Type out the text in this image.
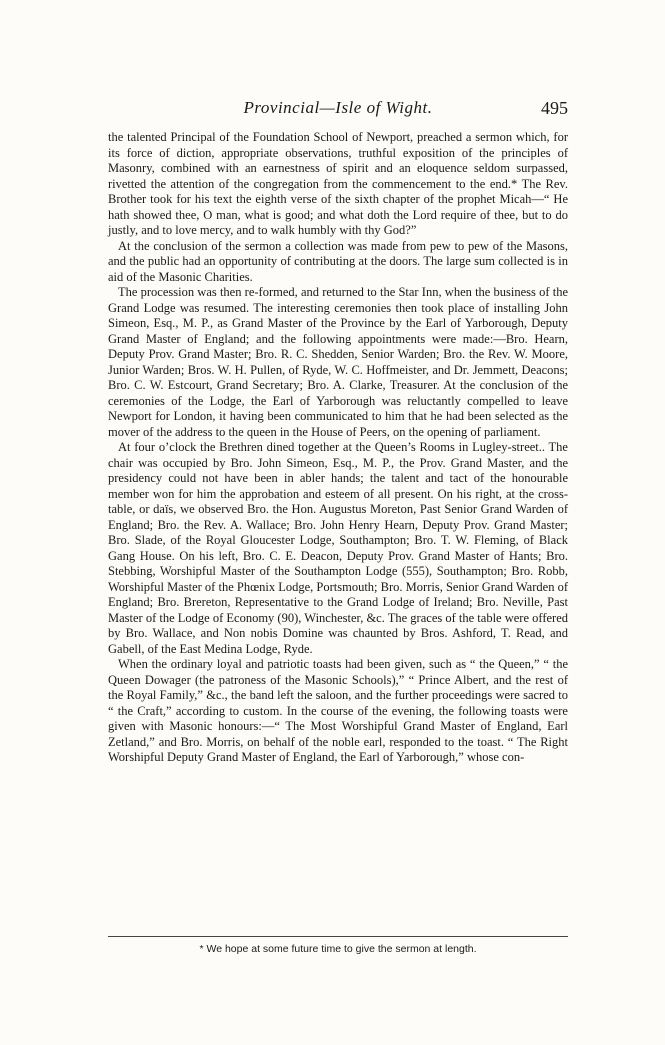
Provincial—Isle of Wight.	495

the talented Principal of the Foundation School of Newport, preached a sermon which, for its force of diction, appropriate observations, truthful exposition of the principles of Masonry, combined with an earnestness of spirit and an eloquence seldom surpassed, rivetted the attention of the congregation from the commencement to the end.* The Rev. Brother took for his text the eighth verse of the sixth chapter of the prophet Micah—“ He hath showed thee, O man, what is good; and what doth the Lord require of thee, but to do justly, and to love mercy, and to walk humbly with thy God?”

At the conclusion of the sermon a collection was made from pew to pew of the Masons, and the public had an opportunity of contributing at the doors. The large sum collected is in aid of the Masonic Charities.

The procession was then re-formed, and returned to the Star Inn, when the business of the Grand Lodge was resumed. The interesting ceremonies then took place of installing John Simeon, Esq., M. P., as Grand Master of the Province by the Earl of Yarborough, Deputy Grand Master of England; and the following appointments were made:—Bro. Hearn, Deputy Prov. Grand Master; Bro. R. C. Shedden, Senior Warden; Bro. the Rev. W. Moore, Junior Warden; Bros. W. H. Pullen, of Ryde, W. C. Hoffmeister, and Dr. Jemmett, Deacons; Bro. C. W. Estcourt, Grand Secretary; Bro. A. Clarke, Treasurer. At the conclusion of the ceremonies of the Lodge, the Earl of Yarborough was reluctantly compelled to leave Newport for London, it having been communicated to him that he had been selected as the mover of the address to the queen in the House of Peers, on the opening of parliament.

At four o’clock the Brethren dined together at the Queen’s Rooms in Lugley-street.. The chair was occupied by Bro. John Simeon, Esq., M. P., the Prov. Grand Master, and the presidency could not have been in abler hands; the talent and tact of the honourable member won for him the approbation and esteem of all present. On his right, at the cross-table, or daïs, we observed Bro. the Hon. Augustus Moreton, Past Senior Grand Warden of England; Bro. the Rev. A. Wallace; Bro. John Henry Hearn, Deputy Prov. Grand Master; Bro. Slade, of the Royal Gloucester Lodge, Southampton; Bro. T. W. Fleming, of Black Gang House. On his left, Bro. C. E. Deacon, Deputy Prov. Grand Master of Hants; Bro. Stebbing, Worshipful Master of the Southampton Lodge (555), Southampton; Bro. Robb, Worshipful Master of the Phœnix Lodge, Portsmouth; Bro. Morris, Senior Grand Warden of England; Bro. Brereton, Representative to the Grand Lodge of Ireland; Bro. Neville, Past Master of the Lodge of Economy (90), Winchester, &c. The graces of the table were offered by Bro. Wallace, and Non nobis Domine was chaunted by Bros. Ashford, T. Read, and Gabell, of the East Medina Lodge, Ryde.

When the ordinary loyal and patriotic toasts had been given, such as “ the Queen,” “ the Queen Dowager (the patroness of the Masonic Schools),” “ Prince Albert, and the rest of the Royal Family,” &c., the band left the saloon, and the further proceedings were sacred to “ the Craft,” according to custom. In the course of the evening, the following toasts were given with Masonic honours:—“ The Most Worshipful Grand Master of England, Earl Zetland,” and Bro. Morris, on behalf of the noble earl, responded to the toast. “ The Right Worshipful Deputy Grand Master of England, the Earl of Yarborough,” whose con-

* We hope at some future time to give the sermon at length.
